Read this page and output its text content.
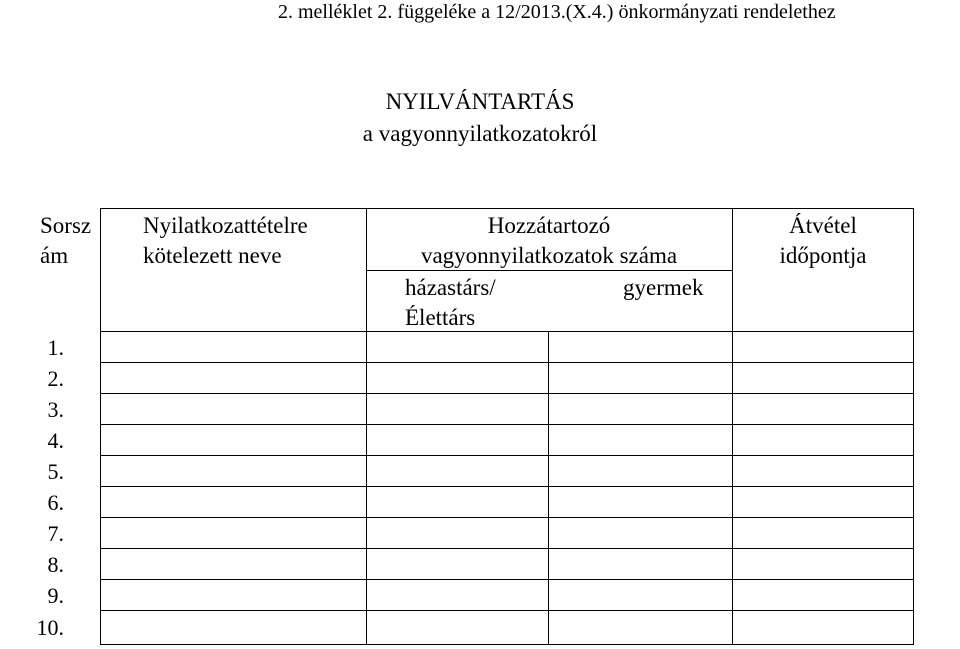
2. melléklet 2. függeléke a 12/2013.(X.4.) önkormányzati rendelethez
NYILVÁNTARTÁS
a vagyonnyilatkozatokról
Sorsz
ám
Nyilatkozattételre
kötelezett neve
Hozzátartozó
vagyonnyilatkozatok száma
házastárs/
Élettárs
gyermek
Átvétel
időpontja
1.
2.
3.
4.
5.
6.
7.
8.
9.
10.
